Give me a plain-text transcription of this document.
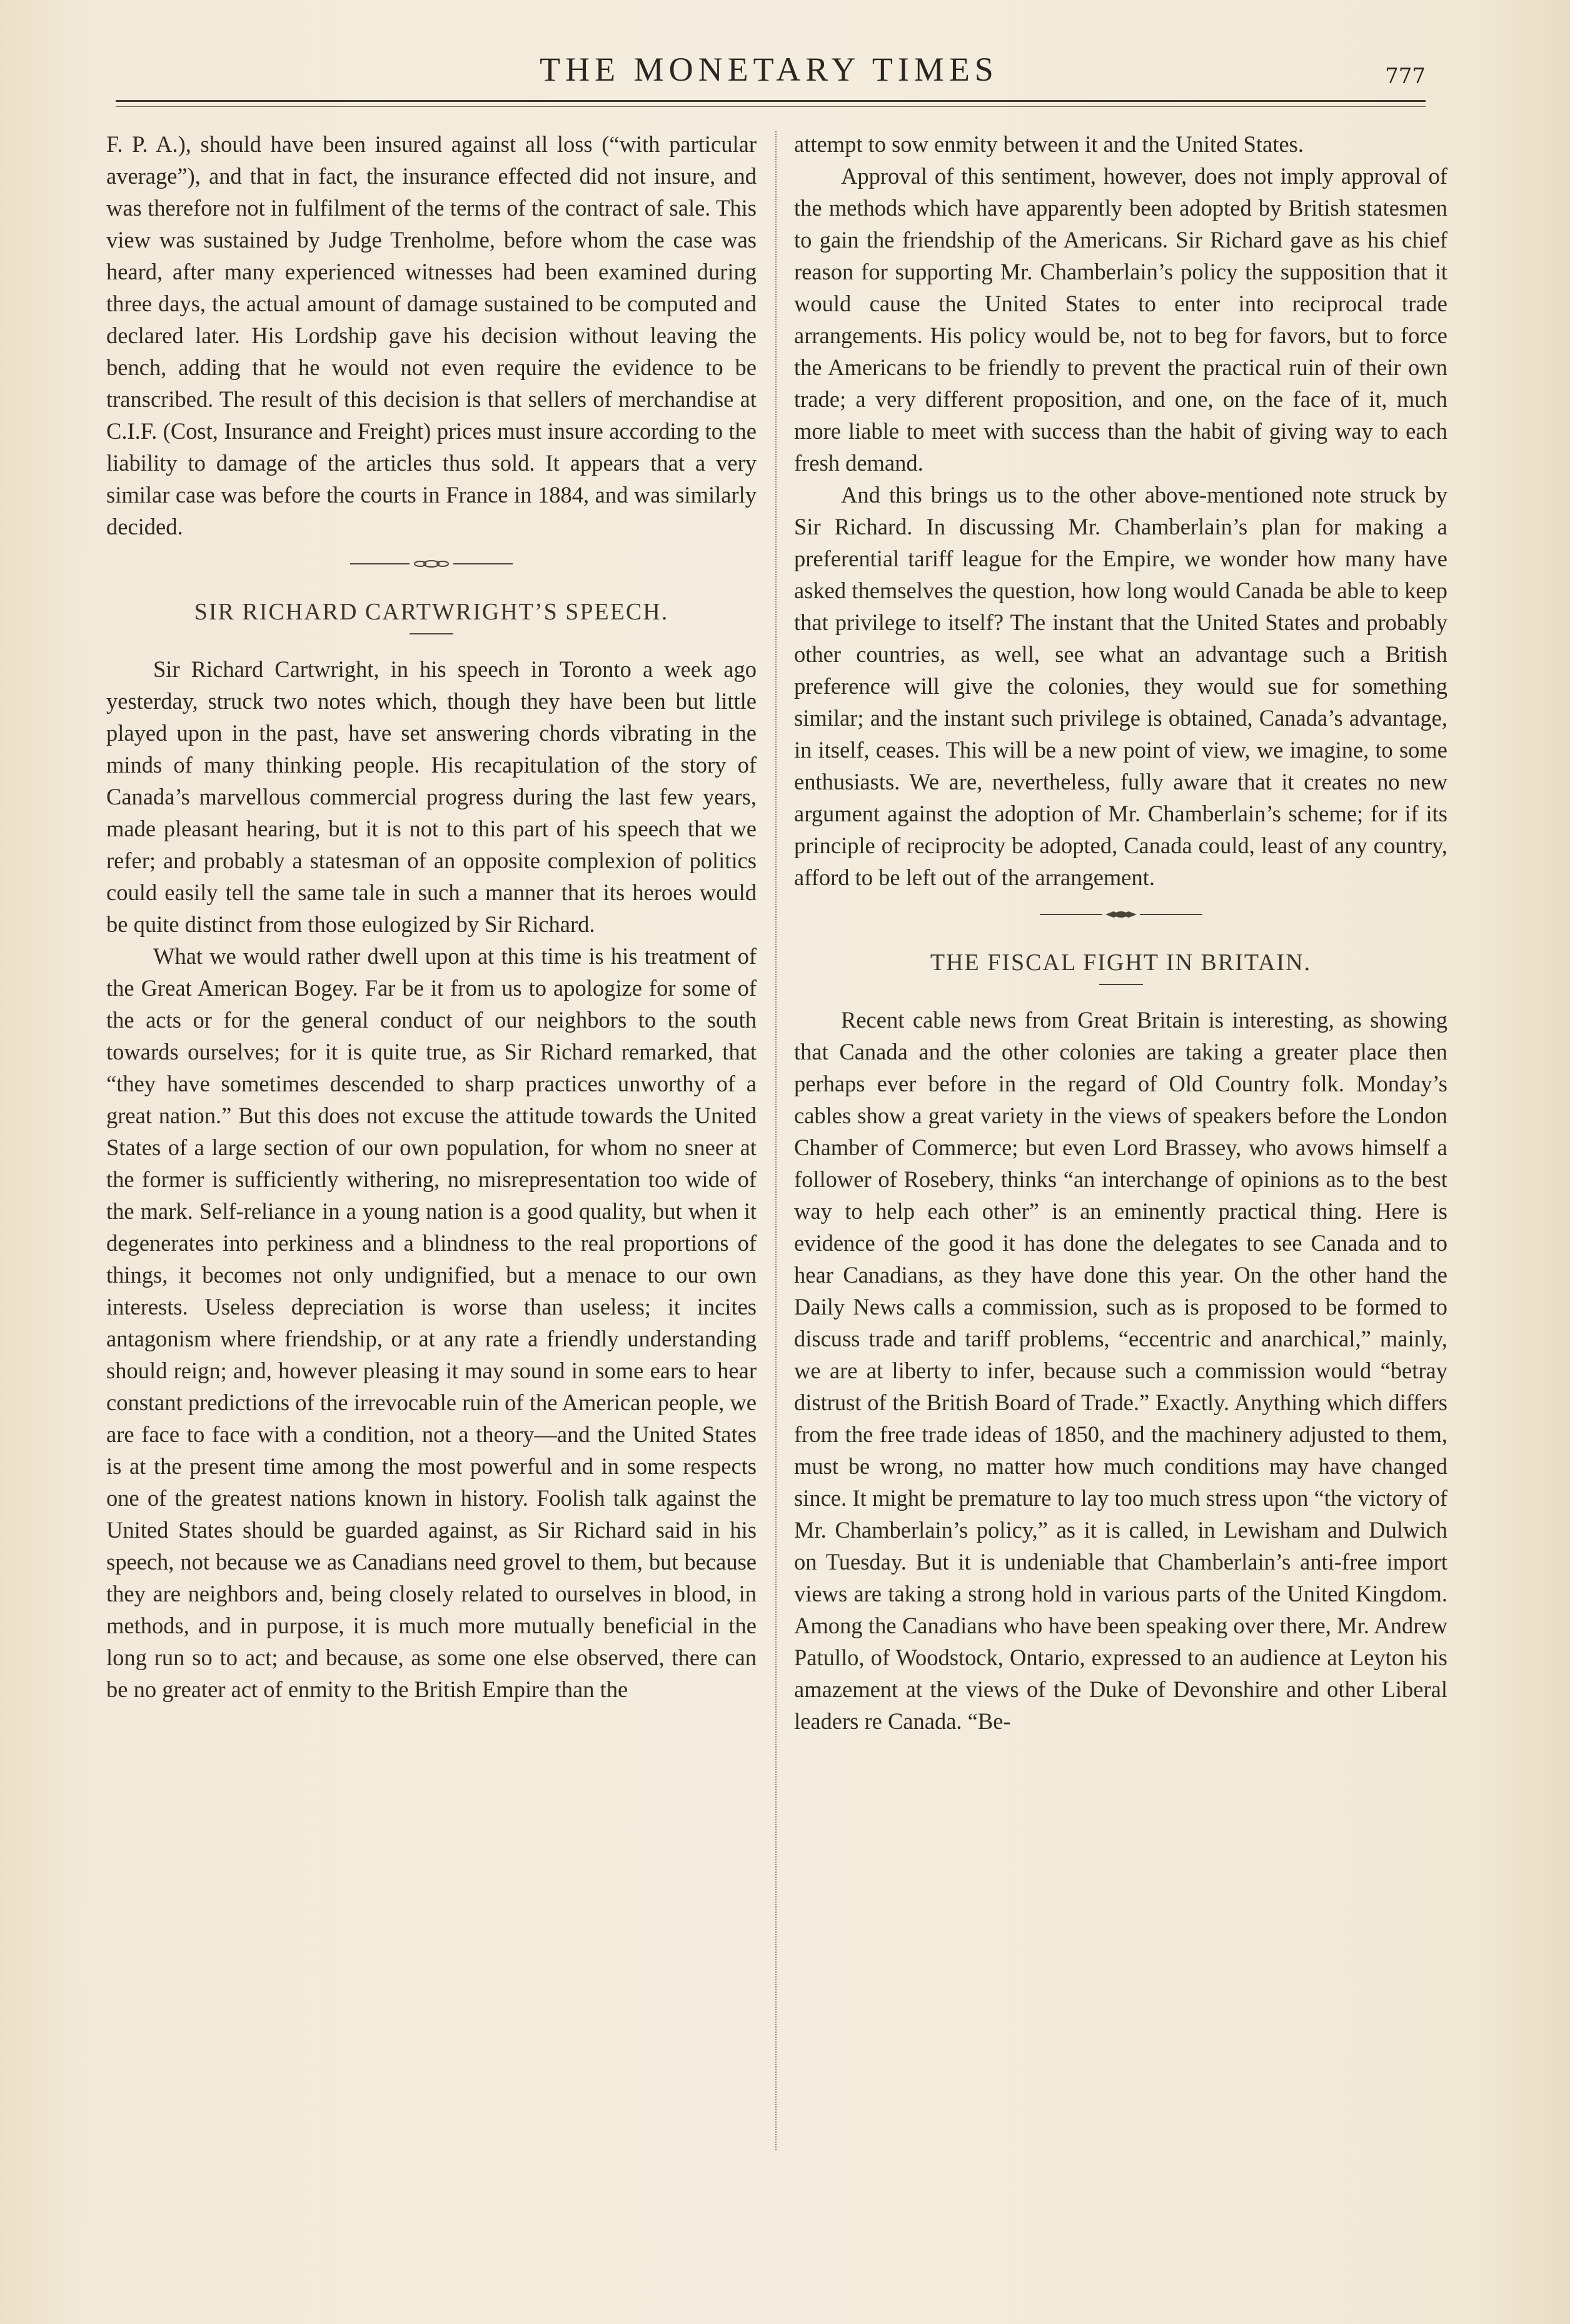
THE MONETARY TIMES	777

F. P. A.), should have been insured against all loss (“with particular average”), and that in fact, the insurance effected did not insure, and was therefore not in fulfilment of the terms of the contract of sale. This view was sustained by Judge Trenholme, before whom the case was heard, after many experienced witnesses had been examined during three days, the actual amount of damage sustained to be computed and declared later. His Lordship gave his decision without leaving the bench, adding that he would not even require the evidence to be transcribed. The result of this decision is that sellers of merchandise at C.I.F. (Cost, Insurance and Freight) prices must insure according to the liability to damage of the articles thus sold. It appears that a very similar case was before the courts in France in 1884, and was similarly decided.

SIR RICHARD CARTWRIGHT’S SPEECH.

Sir Richard Cartwright, in his speech in Toronto a week ago yesterday, struck two notes which, though they have been but little played upon in the past, have set answering chords vibrating in the minds of many thinking people. His recapitulation of the story of Canada’s marvellous commercial progress during the last few years, made pleasant hearing, but it is not to this part of his speech that we refer; and probably a statesman of an opposite complexion of politics could easily tell the same tale in such a manner that its heroes would be quite distinct from those eulogized by Sir Richard.

What we would rather dwell upon at this time is his treatment of the Great American Bogey. Far be it from us to apologize for some of the acts or for the general conduct of our neighbors to the south towards ourselves; for it is quite true, as Sir Richard remarked, that “they have sometimes descended to sharp practices unworthy of a great nation.” But this does not excuse the attitude towards the United States of a large section of our own population, for whom no sneer at the former is sufficiently withering, no misrepresentation too wide of the mark. Self-reliance in a young nation is a good quality, but when it degenerates into perkiness and a blindness to the real proportions of things, it becomes not only undignified, but a menace to our own interests. Useless depreciation is worse than useless; it incites antagonism where friendship, or at any rate a friendly understanding should reign; and, however pleasing it may sound in some ears to hear constant predictions of the irrevocable ruin of the American people, we are face to face with a condition, not a theory—and the United States is at the present time among the most powerful and in some respects one of the greatest nations known in history. Foolish talk against the United States should be guarded against, as Sir Richard said in his speech, not because we as Canadians need grovel to them, but because they are neighbors and, being closely related to ourselves in blood, in methods, and in purpose, it is much more mutually beneficial in the long run so to act; and because, as some one else observed, there can be no greater act of enmity to the British Empire than the

attempt to sow enmity between it and the United States.

Approval of this sentiment, however, does not imply approval of the methods which have apparently been adopted by British statesmen to gain the friendship of the Americans. Sir Richard gave as his chief reason for supporting Mr. Chamberlain’s policy the supposition that it would cause the United States to enter into reciprocal trade arrangements. His policy would be, not to beg for favors, but to force the Americans to be friendly to prevent the practical ruin of their own trade; a very different proposition, and one, on the face of it, much more liable to meet with success than the habit of giving way to each fresh demand.

And this brings us to the other above-mentioned note struck by Sir Richard. In discussing Mr. Chamberlain’s plan for making a preferential tariff league for the Empire, we wonder how many have asked themselves the question, how long would Canada be able to keep that privilege to itself? The instant that the United States and probably other countries, as well, see what an advantage such a British preference will give the colonies, they would sue for something similar; and the instant such privilege is obtained, Canada’s advantage, in itself, ceases. This will be a new point of view, we imagine, to some enthusiasts. We are, nevertheless, fully aware that it creates no new argument against the adoption of Mr. Chamberlain’s scheme; for if its principle of reciprocity be adopted, Canada could, least of any country, afford to be left out of the arrangement.

THE FISCAL FIGHT IN BRITAIN.

Recent cable news from Great Britain is interesting, as showing that Canada and the other colonies are taking a greater place then perhaps ever before in the regard of Old Country folk. Monday’s cables show a great variety in the views of speakers before the London Chamber of Commerce; but even Lord Brassey, who avows himself a follower of Rosebery, thinks “an interchange of opinions as to the best way to help each other” is an eminently practical thing. Here is evidence of the good it has done the delegates to see Canada and to hear Canadians, as they have done this year. On the other hand the Daily News calls a commission, such as is proposed to be formed to discuss trade and tariff problems, “eccentric and anarchical,” mainly, we are at liberty to infer, because such a commission would “betray distrust of the British Board of Trade.” Exactly. Anything which differs from the free trade ideas of 1850, and the machinery adjusted to them, must be wrong, no matter how much conditions may have changed since. It might be premature to lay too much stress upon “the victory of Mr. Chamberlain’s policy,” as it is called, in Lewisham and Dulwich on Tuesday. But it is undeniable that Chamberlain’s anti-free import views are taking a strong hold in various parts of the United Kingdom. Among the Canadians who have been speaking over there, Mr. Andrew Patullo, of Woodstock, Ontario, expressed to an audience at Leyton his amazement at the views of the Duke of Devonshire and other Liberal leaders re Canada. “Be-
